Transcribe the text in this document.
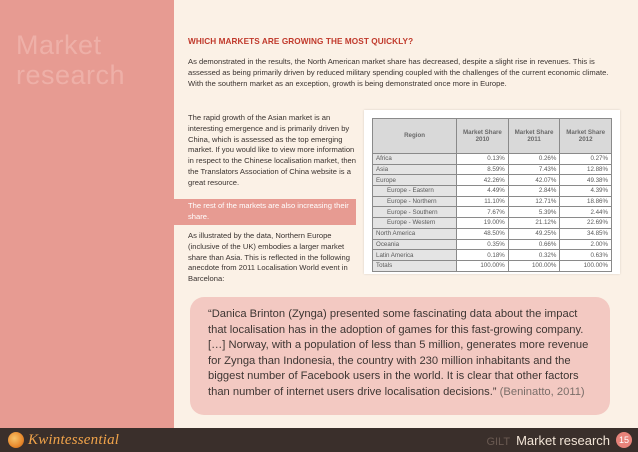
Market research
WHICH MARKETS ARE GROWING THE MOST QUICKLY?
As demonstrated in the results, the North American market share has decreased, despite a slight rise in revenues. This is assessed as being primarily driven by reduced military spending coupled with the challenges of the current economic climate. With the southern market as an exception, growth is being demonstrated once more in Europe.

The rapid growth of the Asian market is an interesting emergence and is primarily driven by China, which is assessed as the top emerging market. If you would like to view more information in respect to the Chinese localisation market, then the Translators Association of China website is a great resource.

The rest of the markets are also increasing their share.
As illustrated by the data, Northern Europe (inclusive of the UK) embodies a larger market share than Asia. This is reflected in the following anecdote from 2011 Localisation World event in Barcelona:
Region	Market Share 2010	Market Share 2011	Market Share 2012
Africa	0.13%	0.26%	0.27%
Asia	8.59%	7.43%	12.88%
Europe	42.26%	42.07%	49.38%
Europe - Eastern	4.49%	2.84%	4.39%
Europe - Northern	11.10%	12.71%	18.86%
Europe - Southern	7.67%	5.39%	2.44%
Europe - Western	19.00%	21.12%	22.69%
North America	48.50%	49.25%	34.85%
Oceania	0.35%	0.66%	2.00%
Latin America	0.18%	0.32%	0.63%
Totals	100.00%	100.00%	100.00%
“Danica Brinton (Zynga) presented some fascinating data about the impact that localisation has in the adoption of games for this fast-growing company. […] Norway, with a population of less than 5 million, generates more revenue for Zynga than Indonesia, the country with 230 million inhabitants and the biggest number of Facebook users in the world. It is clear that other factors than number of internet users drive localisation decisions.” (Beninatto, 2011)
Kwintessential	GILT Market research 15
